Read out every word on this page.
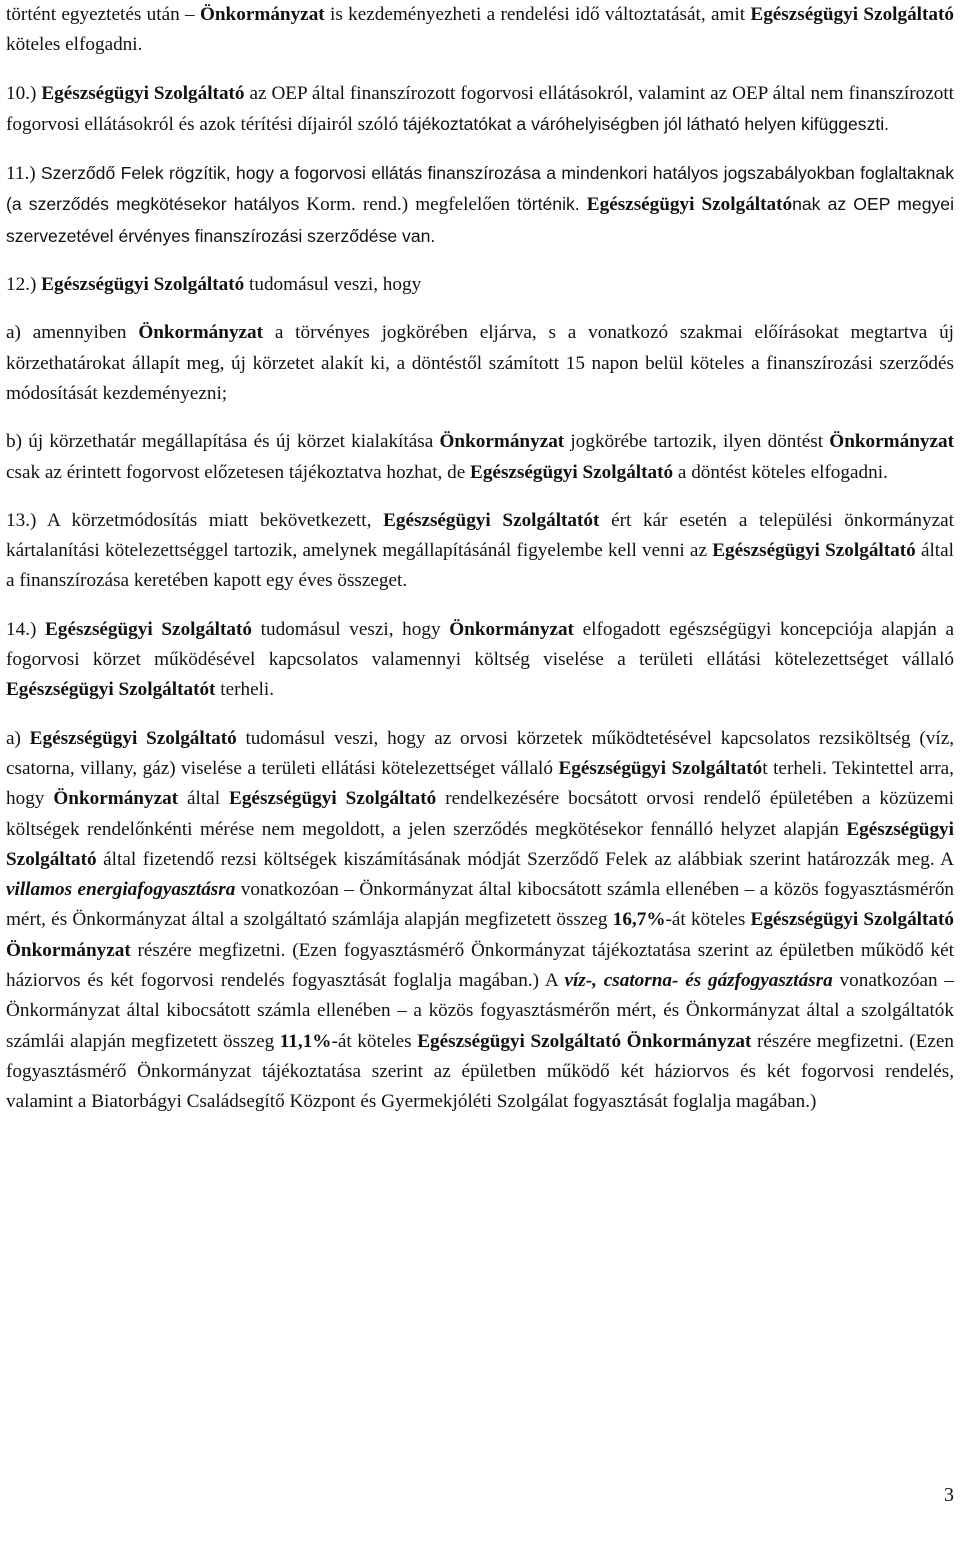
történt egyeztetés után – Önkormányzat is kezdeményezheti a rendelési idő változtatását, amit Egészségügyi Szolgáltató köteles elfogadni.

10.) Egészségügyi Szolgáltató az OEP által finanszírozott fogorvosi ellátásokról, valamint az OEP által nem finanszírozott fogorvosi ellátásokról és azok térítési díjairól szóló tájékoztatókat a váróhelyiségben jól látható helyen kifüggeszti.

11.) Szerződő Felek rögzítik, hogy a fogorvosi ellátás finanszírozása a mindenkori hatályos jogszabályokban foglaltaknak (a szerződés megkötésekor hatályos Korm. rend.) megfelelően történik. Egészségügyi Szolgáltatónak az OEP megyei szervezetével érvényes finanszírozási szerződése van.

12.) Egészségügyi Szolgáltató tudomásul veszi, hogy

a) amennyiben Önkormányzat a törvényes jogkörében eljárva, s a vonatkozó szakmai előírásokat megtartva új körzethatárokat állapít meg, új körzetet alakít ki, a döntéstől számított 15 napon belül köteles a finanszírozási szerződés módosítását kezdeményezni;

b) új körzethatár megállapítása és új körzet kialakítása Önkormányzat jogkörébe tartozik, ilyen döntést Önkormányzat csak az érintett fogorvost előzetesen tájékoztatva hozhat, de Egészségügyi Szolgáltató a döntést köteles elfogadni.

13.) A körzetmódosítás miatt bekövetkezett, Egészségügyi Szolgáltatót ért kár esetén a települési önkormányzat kártalanítási kötelezettséggel tartozik, amelynek megállapításánál figyelembe kell venni az Egészségügyi Szolgáltató által a finanszírozása keretében kapott egy éves összeget.

14.) Egészségügyi Szolgáltató tudomásul veszi, hogy Önkormányzat elfogadott egészségügyi koncepciója alapján a fogorvosi körzet működésével kapcsolatos valamennyi költség viselése a területi ellátási kötelezettséget vállaló Egészségügyi Szolgáltatót terheli.

a) Egészségügyi Szolgáltató tudomásul veszi, hogy az orvosi körzetek működtetésével kapcsolatos rezsiköltség (víz, csatorna, villany, gáz) viselése a területi ellátási kötelezettséget vállaló Egészségügyi Szolgáltatót terheli. Tekintettel arra, hogy Önkormányzat által Egészségügyi Szolgáltató rendelkezésére bocsátott orvosi rendelő épületében a közüzemi költségek rendelőnkénti mérése nem megoldott, a jelen szerződés megkötésekor fennálló helyzet alapján Egészségügyi Szolgáltató által fizetendő rezsi költségek kiszámításának módját Szerződő Felek az alábbiak szerint határozzák meg. A villamos energiafogyasztásra vonatkozóan – Önkormányzat által kibocsátott számla ellenében – a közös fogyasztásmérőn mért, és Önkormányzat által a szolgáltató számlája alapján megfizetett összeg 16,7%-át köteles Egészségügyi Szolgáltató Önkormányzat részére megfizetni. (Ezen fogyasztásmérő Önkormányzat tájékoztatása szerint az épületben működő két háziorvos és két fogorvosi rendelés fogyasztását foglalja magában.) A víz-, csatorna- és gázfogyasztásra vonatkozóan – Önkormányzat által kibocsátott számla ellenében – a közös fogyasztásmérőn mért, és Önkormányzat által a szolgáltatók számlái alapján megfizetett összeg 11,1%-át köteles Egészségügyi Szolgáltató Önkormányzat részére megfizetni. (Ezen fogyasztásmérő Önkormányzat tájékoztatása szerint az épületben működő két háziorvos és két fogorvosi rendelés, valamint a Biatorbágyi Családsegítő Központ és Gyermekjóléti Szolgálat fogyasztását foglalja magában.)

3
